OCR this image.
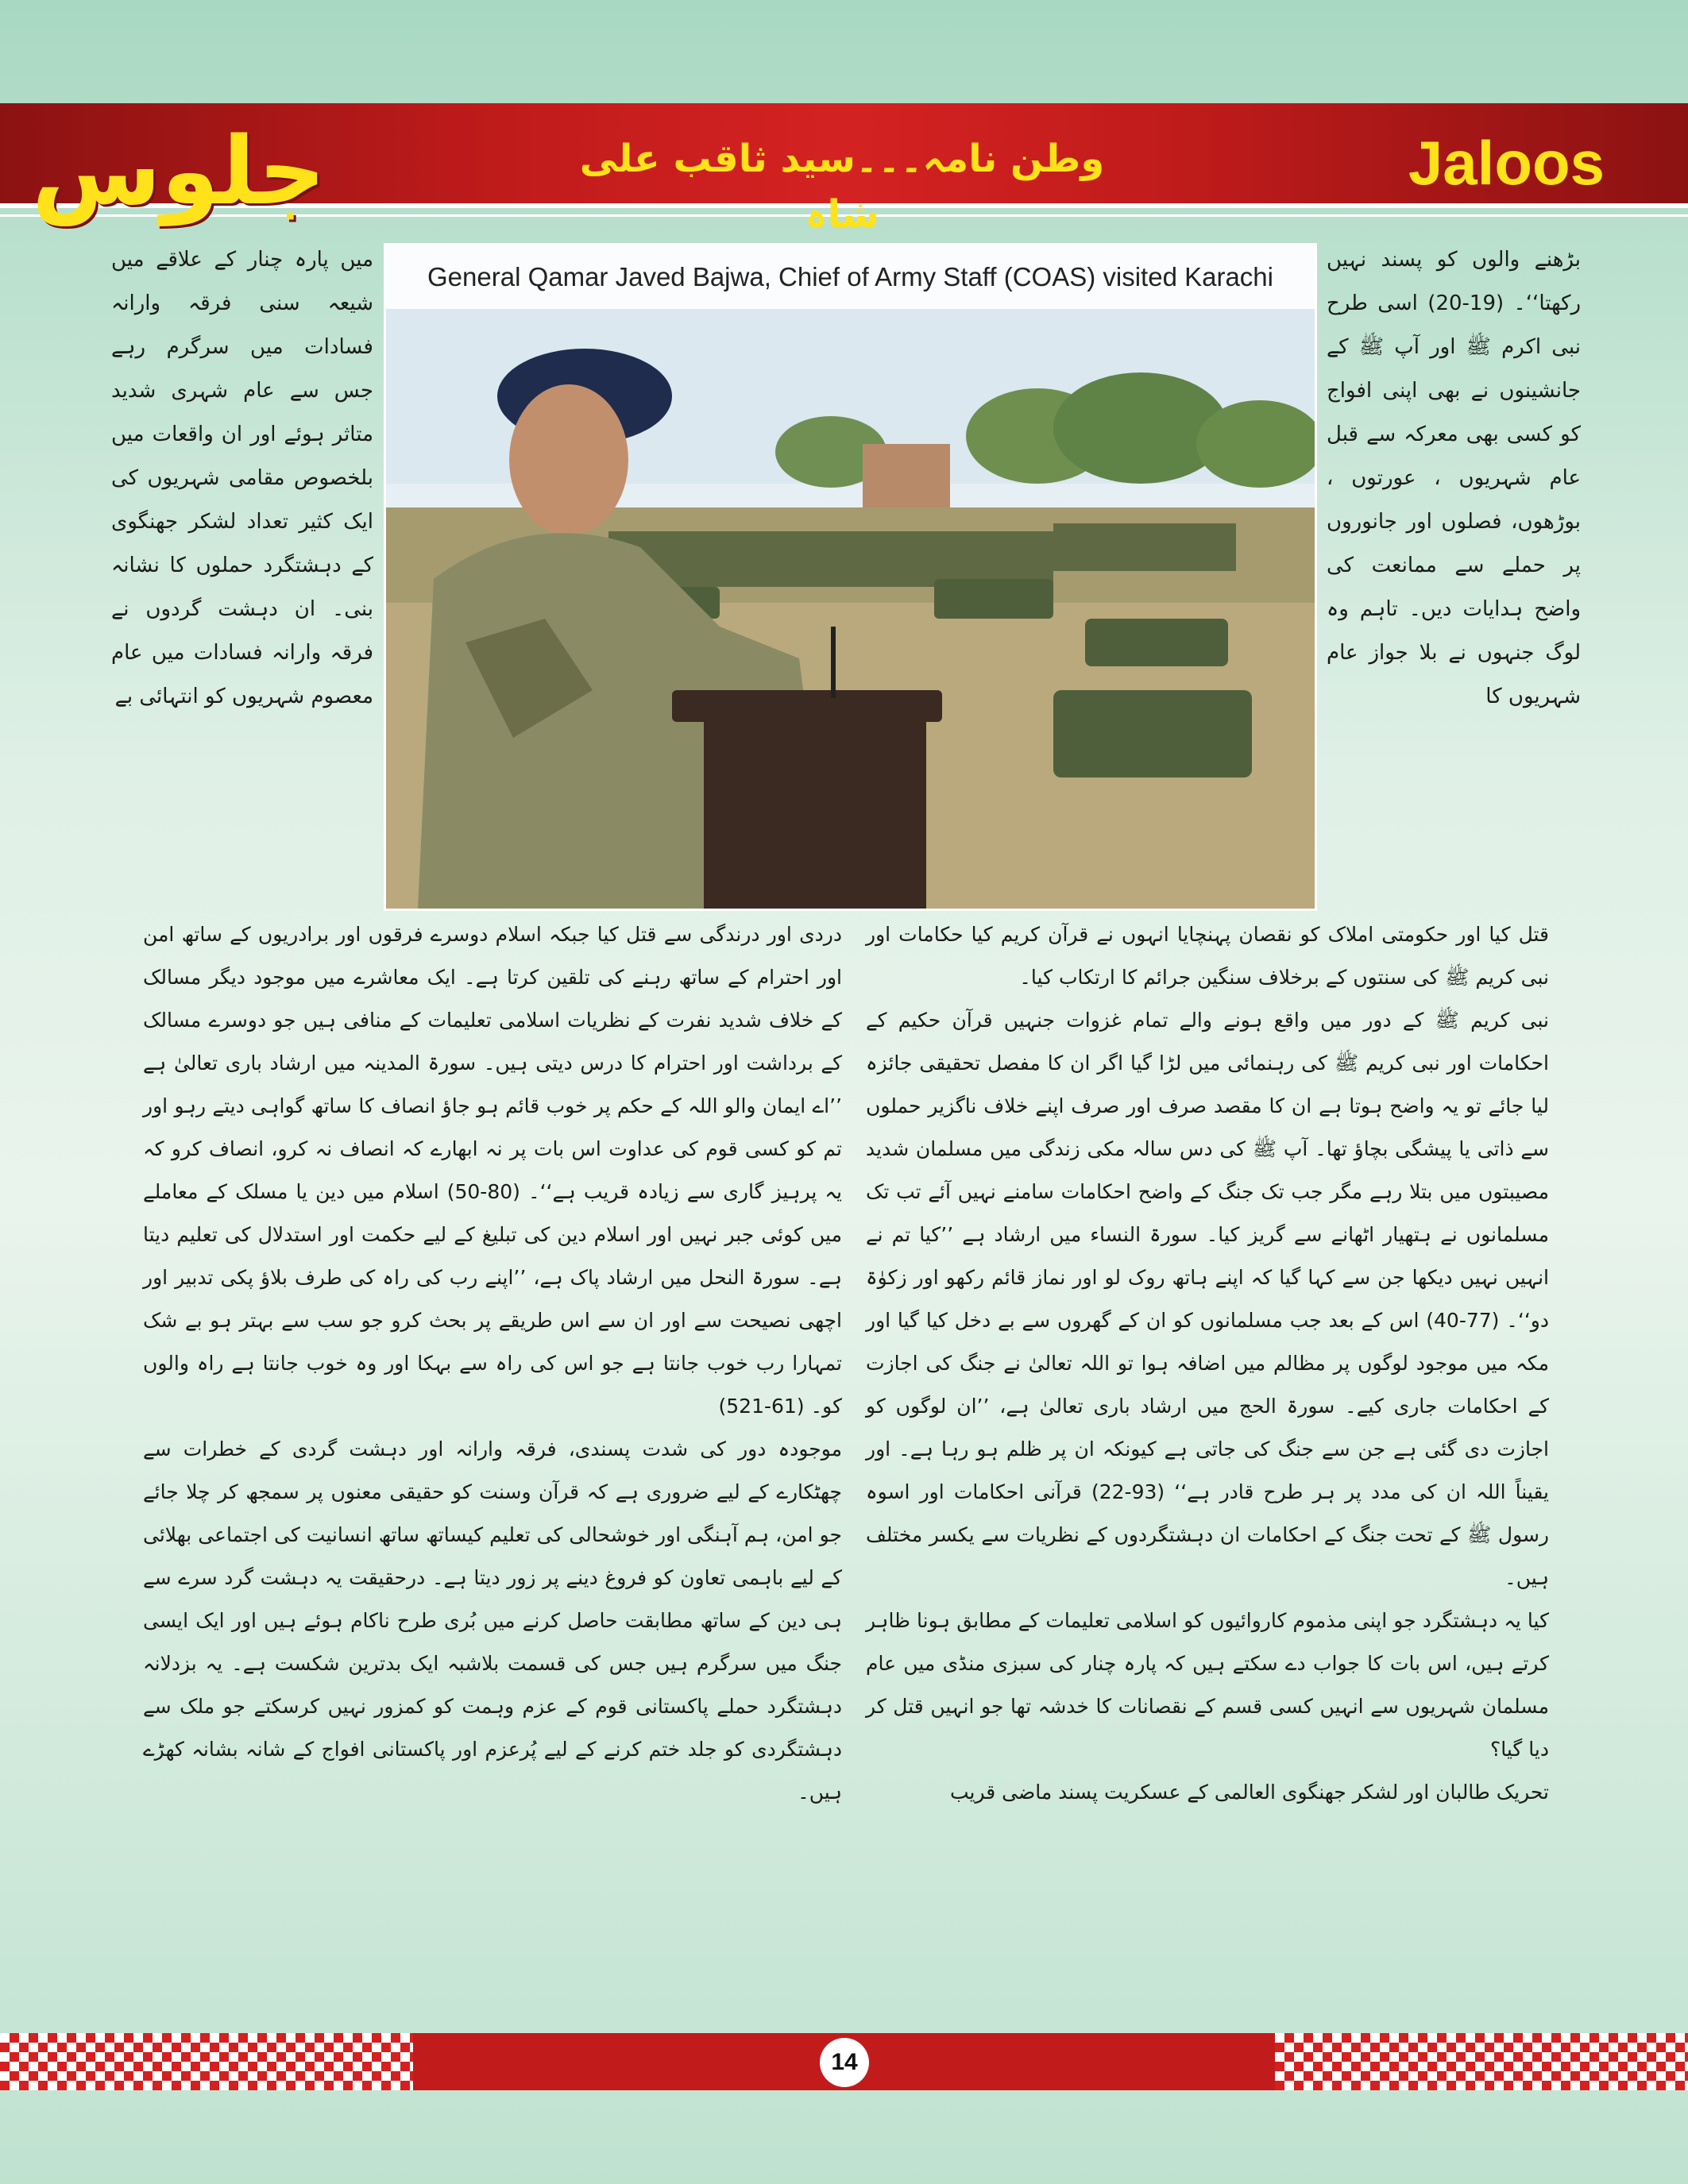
جلوس	وطن نامہ۔۔۔سید ثاقب علی شاہ
Jaloos

میں پارہ چنار کے علاقے میں شیعہ سنی فرقہ وارانہ فسادات میں سرگرم رہے جس سے عام شہری شدید متاثر ہوئے اور ان واقعات میں بلخصوص مقامی شہریوں کی ایک کثیر تعداد لشکر جھنگوی کے دہشتگرد حملوں کا نشانہ بنی۔ ان دہشت گردوں نے فرقہ وارانہ فسادات میں عام معصوم شہریوں کو انتہائی بے

General Qamar Javed Bajwa, Chief of Army Staff (COAS) visited Karachi

بڑھنے والوں کو پسند نہیں رکھتا‘‘۔ (19-20) اسی طرح نبی اکرم ﷺ اور آپ ﷺ کے جانشینوں نے بھی اپنی افواج کو کسی بھی معرکہ سے قبل عام شہریوں ، عورتوں ، بوڑھوں، فصلوں اور جانوروں پر حملے سے ممانعت کی واضح ہدایات دیں۔ تاہم وہ لوگ جنہوں نے بلا جواز عام شہریوں کا

دردی اور درندگی سے قتل کیا جبکہ اسلام دوسرے فرقوں اور برادریوں کے ساتھ امن اور احترام کے ساتھ رہنے کی تلقین کرتا ہے۔ ایک معاشرے میں موجود دیگر مسالک کے خلاف شدید نفرت کے نظریات اسلامی تعلیمات کے منافی ہیں جو دوسرے مسالک کے برداشت اور احترام کا درس دیتی ہیں۔ سورۃ المدینہ میں ارشاد باری تعالیٰ ہے ’’اے ایمان والو اللہ کے حکم پر خوب قائم ہو جاؤ انصاف کا ساتھ گواہی دیتے رہو اور تم کو کسی قوم کی عداوت اس بات پر نہ ابھارے کہ انصاف نہ کرو، انصاف کرو کہ یہ پرہیز گاری سے زیادہ قریب ہے‘‘۔ (80-50) اسلام میں دین یا مسلک کے معاملے میں کوئی جبر نہیں اور اسلام دین کی تبلیغ کے لیے حکمت اور استدلال کی تعلیم دیتا ہے۔ سورۃ النحل میں ارشاد پاک ہے، ’’اپنے رب کی راہ کی طرف بلاؤ پکی تدبیر اور اچھی نصیحت سے اور ان سے اس طریقے پر بحث کرو جو سب سے بہتر ہو بے شک تمہارا رب خوب جانتا ہے جو اس کی راہ سے بہکا اور وہ خوب جانتا ہے راہ والوں کو۔ (61-521)

موجودہ دور کی شدت پسندی، فرقہ وارانہ اور دہشت گردی کے خطرات سے چھٹکارے کے لیے ضروری ہے کہ قرآن وسنت کو حقیقی معنوں پر سمجھ کر چلا جائے جو امن، ہم آہنگی اور خوشحالی کی تعلیم کیساتھ ساتھ انسانیت کی اجتماعی بھلائی کے لیے باہمی تعاون کو فروغ دینے پر زور دیتا ہے۔ درحقیقت یہ دہشت گرد سرے سے ہی دین کے ساتھ مطابقت حاصل کرنے میں بُری طرح ناکام ہوئے ہیں اور ایک ایسی جنگ میں سرگرم ہیں جس کی قسمت بلاشبہ ایک بدترین شکست ہے۔ یہ بزدلانہ دہشتگرد حملے پاکستانی قوم کے عزم وہمت کو کمزور نہیں کرسکتے جو ملک سے دہشتگردی کو جلد ختم کرنے کے لیے پُرعزم اور پاکستانی افواج کے شانہ بشانہ کھڑے ہیں۔

قتل کیا اور حکومتی املاک کو نقصان پہنچایا انہوں نے قرآن کریم کیا حکامات اور نبی کریم ﷺ کی سنتوں کے برخلاف سنگین جرائم کا ارتکاب کیا۔

نبی کریم ﷺ کے دور میں واقع ہونے والے تمام غزوات جنہیں قرآن حکیم کے احکامات اور نبی کریم ﷺ کی رہنمائی میں لڑا گیا اگر ان کا مفصل تحقیقی جائزہ لیا جائے تو یہ واضح ہوتا ہے ان کا مقصد صرف اور صرف اپنے خلاف ناگزیر حملوں سے ذاتی یا پیشگی بچاؤ تھا۔ آپ ﷺ کی دس سالہ مکی زندگی میں مسلمان شدید مصیبتوں میں بتلا رہے مگر جب تک جنگ کے واضح احکامات سامنے نہیں آئے تب تک مسلمانوں نے ہتھیار اٹھانے سے گریز کیا۔ سورۃ النساء میں ارشاد ہے ’’کیا تم نے انہیں نہیں دیکھا جن سے کہا گیا کہ اپنے ہاتھ روک لو اور نماز قائم رکھو اور زکوٰۃ دو‘‘۔ (77-40) اس کے بعد جب مسلمانوں کو ان کے گھروں سے بے دخل کیا گیا اور مکہ میں موجود لوگوں پر مظالم میں اضافہ ہوا تو اللہ تعالیٰ نے جنگ کی اجازت کے احکامات جاری کیے۔ سورۃ الحج میں ارشاد باری تعالیٰ ہے، ’’ان لوگوں کو اجازت دی گئی ہے جن سے جنگ کی جاتی ہے کیونکہ ان پر ظلم ہو رہا ہے۔ اور یقیناً اللہ ان کی مدد پر ہر طرح قادر ہے‘‘ (93-22) قرآنی احکامات اور اسوہ رسول ﷺ کے تحت جنگ کے احکامات ان دہشتگردوں کے نظریات سے یکسر مختلف ہیں۔

کیا یہ دہشتگرد جو اپنی مذموم کاروائیوں کو اسلامی تعلیمات کے مطابق ہونا ظاہر کرتے ہیں، اس بات کا جواب دے سکتے ہیں کہ پارہ چنار کی سبزی منڈی میں عام مسلمان شہریوں سے انہیں کسی قسم کے نقصانات کا خدشہ تھا جو انہیں قتل کر دیا گیا؟

تحریک طالبان اور لشکر جھنگوی العالمی کے عسکریت پسند ماضی قریب

14
